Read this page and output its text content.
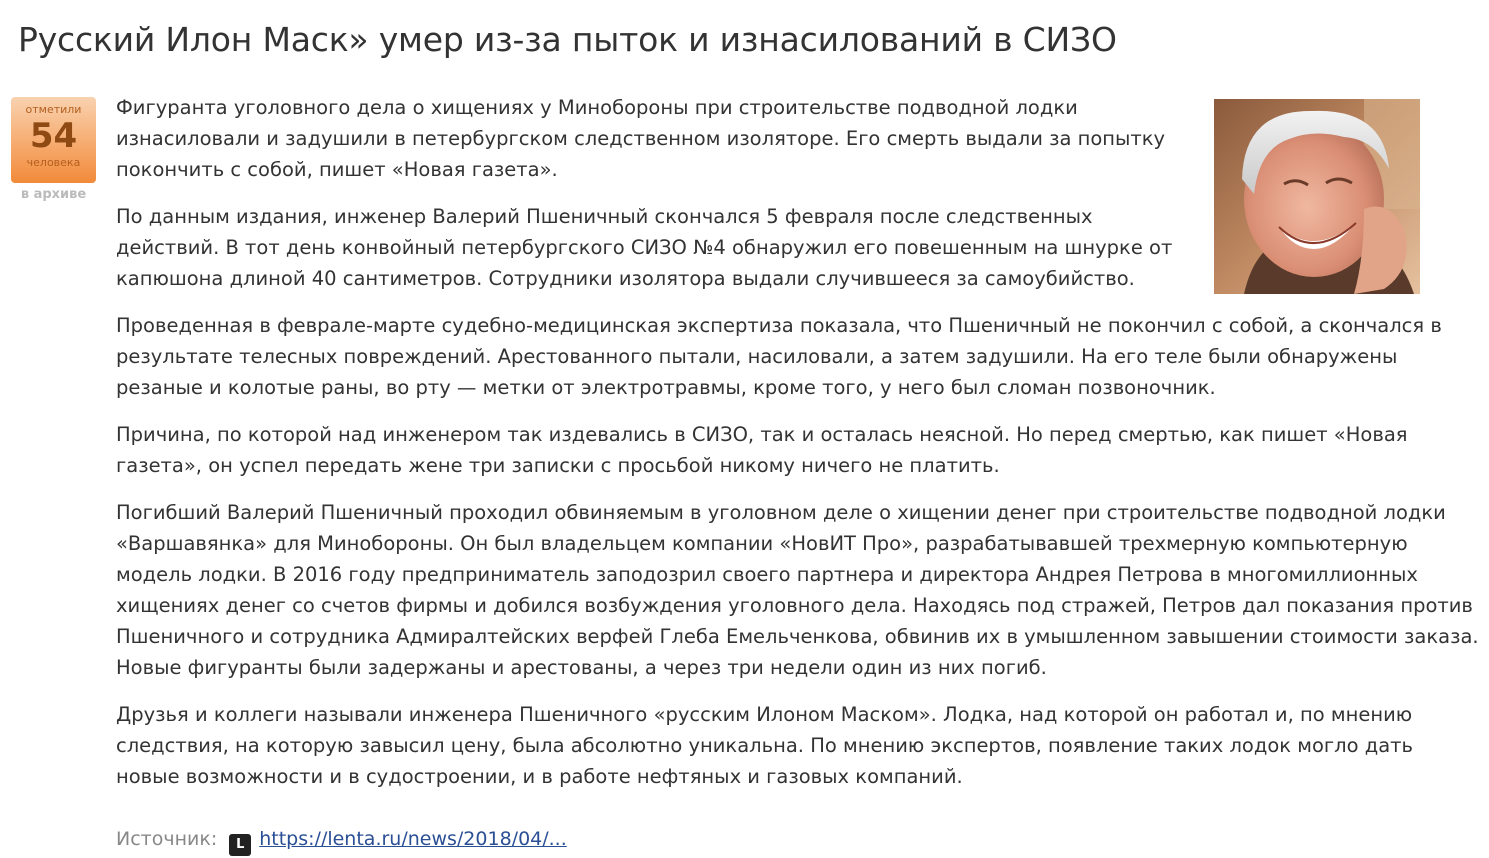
Русский Илон Маск» умер из-за пыток и изнасилований в СИЗО
отметили
54
человека
в архиве

Фигуранта уголовного дела о хищениях у Минобороны при строительстве подводной лодки изнасиловали и задушили в петербургском следственном изоляторе. Его смерть выдали за попытку покончить с собой, пишет «Новая газета».

По данным издания, инженер Валерий Пшеничный скончался 5 февраля после следственных действий. В тот день конвойный петербургского СИЗО №4 обнаружил его повешенным на шнурке от капюшона длиной 40 сантиметров. Сотрудники изолятора выдали случившееся за самоубийство.

Проведенная в феврале-марте судебно-медицинская экспертиза показала, что Пшеничный не покончил с собой, а скончался в результате телесных повреждений. Арестованного пытали, насиловали, а затем задушили. На его теле были обнаружены резаные и колотые раны, во рту — метки от электротравмы, кроме того, у него был сломан позвоночник.

Причина, по которой над инженером так издевались в СИЗО, так и осталась неясной. Но перед смертью, как пишет «Новая газета», он успел передать жене три записки с просьбой никому ничего не платить.

Погибший Валерий Пшеничный проходил обвиняемым в уголовном деле о хищении денег при строительстве подводной лодки «Варшавянка» для Минобороны. Он был владельцем компании «НовИТ Про», разрабатывавшей трехмерную компьютерную модель лодки. В 2016 году предприниматель заподозрил своего партнера и директора Андрея Петрова в многомиллионных хищениях денег со счетов фирмы и добился возбуждения уголовного дела. Находясь под стражей, Петров дал показания против Пшеничного и сотрудника Адмиралтейских верфей Глеба Емельченкова, обвинив их в умышленном завышении стоимости заказа. Новые фигуранты были задержаны и арестованы, а через три недели один из них погиб.

Друзья и коллеги называли инженера Пшеничного «русским Илоном Маском». Лодка, над которой он работал и, по мнению следствия, на которую завысил цену, была абсолютно уникальна. По мнению экспертов, появление таких лодок могло дать новые возможности и в судостроении, и в работе нефтяных и газовых компаний.

Источник: L https://lenta.ru/news/2018/04/...
